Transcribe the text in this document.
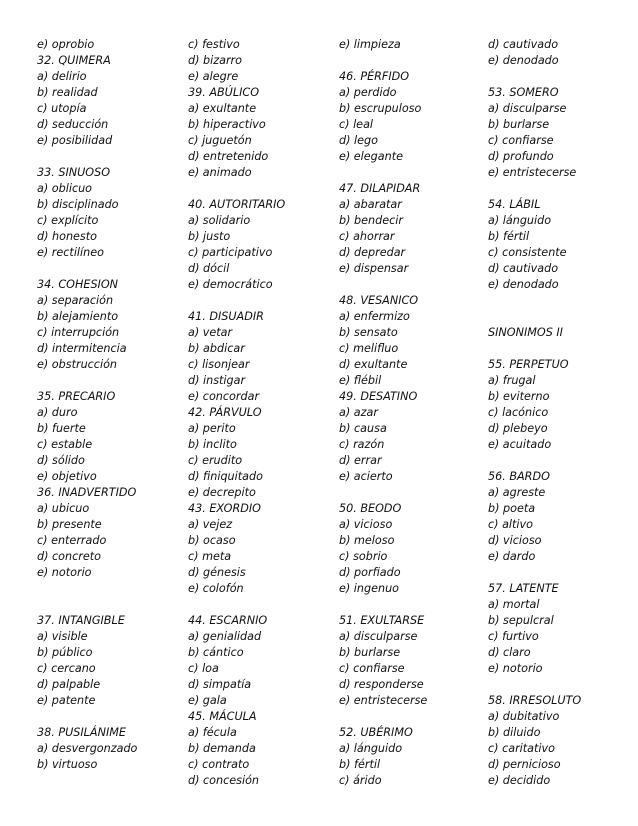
e) oprobio
32. QUIMERA
a) delirio
b) realidad
c) utopía
d) seducción
e) posibilidad
33. SINUOSO
a) oblicuo
b) disciplinado
c) explícito
d) honesto
e) rectilíneo
34. COHESION
a) separación
b) alejamiento
c) interrupción
d) intermitencia
e) obstrucción
35. PRECARIO
a) duro
b) fuerte
c) estable
d) sólido
e) objetivo
36. INADVERTIDO
a) ubicuo
b) presente
c) enterrado
d) concreto
e) notorio
37. INTANGIBLE
a) visible
b) público
c) cercano
d) palpable
e) patente
38. PUSILÁNIME
a) desvergonzado
b) virtuoso
c) festivo
d) bizarro
e) alegre
39. ABÚLICO
a) exultante
b) hiperactivo
c) juguetón
d) entretenido
e) animado
40. AUTORITARIO
a) solidario
b) justo
c) participativo
d) dócil
e) democrático
41. DISUADIR
a) vetar
b) abdicar
c) lisonjear
d) instigar
e) concordar
42. PÁRVULO
a) perito
b) inclito
c) erudito
d) finiquitado
e) decrepito
43. EXORDIO
a) vejez
b) ocaso
c) meta
d) génesis
e) colofón
44. ESCARNIO
a) genialidad
b) cántico
c) loa
d) simpatía
e) gala
45. MÁCULA
a) fécula
b) demanda
c) contrato
d) concesión
e) limpieza
46. PÉRFIDO
a) perdido
b) escrupuloso
c) leal
d) lego
e) elegante
47. DILAPIDAR
a) abaratar
b) bendecir
c) ahorrar
d) depredar
e) dispensar
48. VESANICO
a) enfermizo
b) sensato
c) melifluo
d) exultante
e) flébil
49. DESATINO
a) azar
b) causa
c) razón
d) errar
e) acierto
50. BEODO
a) vicioso
b) meloso
c) sobrio
d) porfiado
e) ingenuo
51. EXULTARSE
a) disculparse
b) burlarse
c) confiarse
d) responderse
e) entristecerse
52. UBÉRIMO
a) lánguido
b) fértil
c) árido
d) cautivado
e) denodado
53. SOMERO
a) disculparse
b) burlarse
c) confiarse
d) profundo
e) entristecerse
54. LÁBIL
a) lánguido
b) fértil
c) consistente
d) cautivado
e) denodado
SINONIMOS II
55. PERPETUO
a) frugal
b) eviterno
c) lacónico
d) plebeyo
e) acuitado
56. BARDO
a) agreste
b) poeta
c) altivo
d) vicioso
e) dardo
57. LATENTE
a) mortal
b) sepulcral
c) furtivo
d) claro
e) notorio
58. IRRESOLUTO
a) dubitativo
b) diluido
c) caritativo
d) pernicioso
e) decidido
